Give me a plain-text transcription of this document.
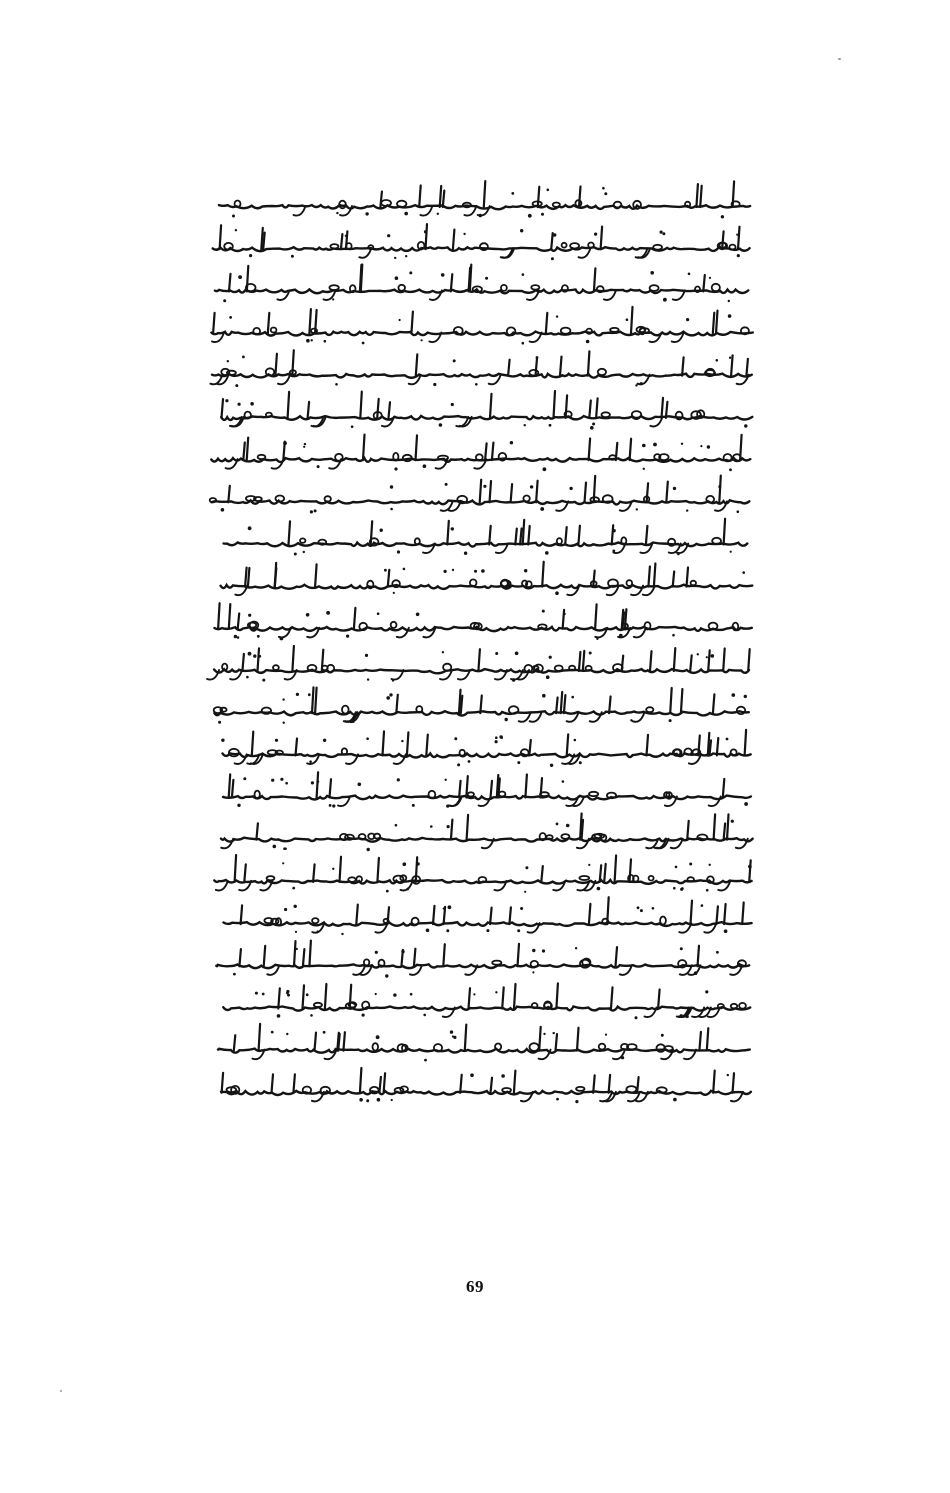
69
